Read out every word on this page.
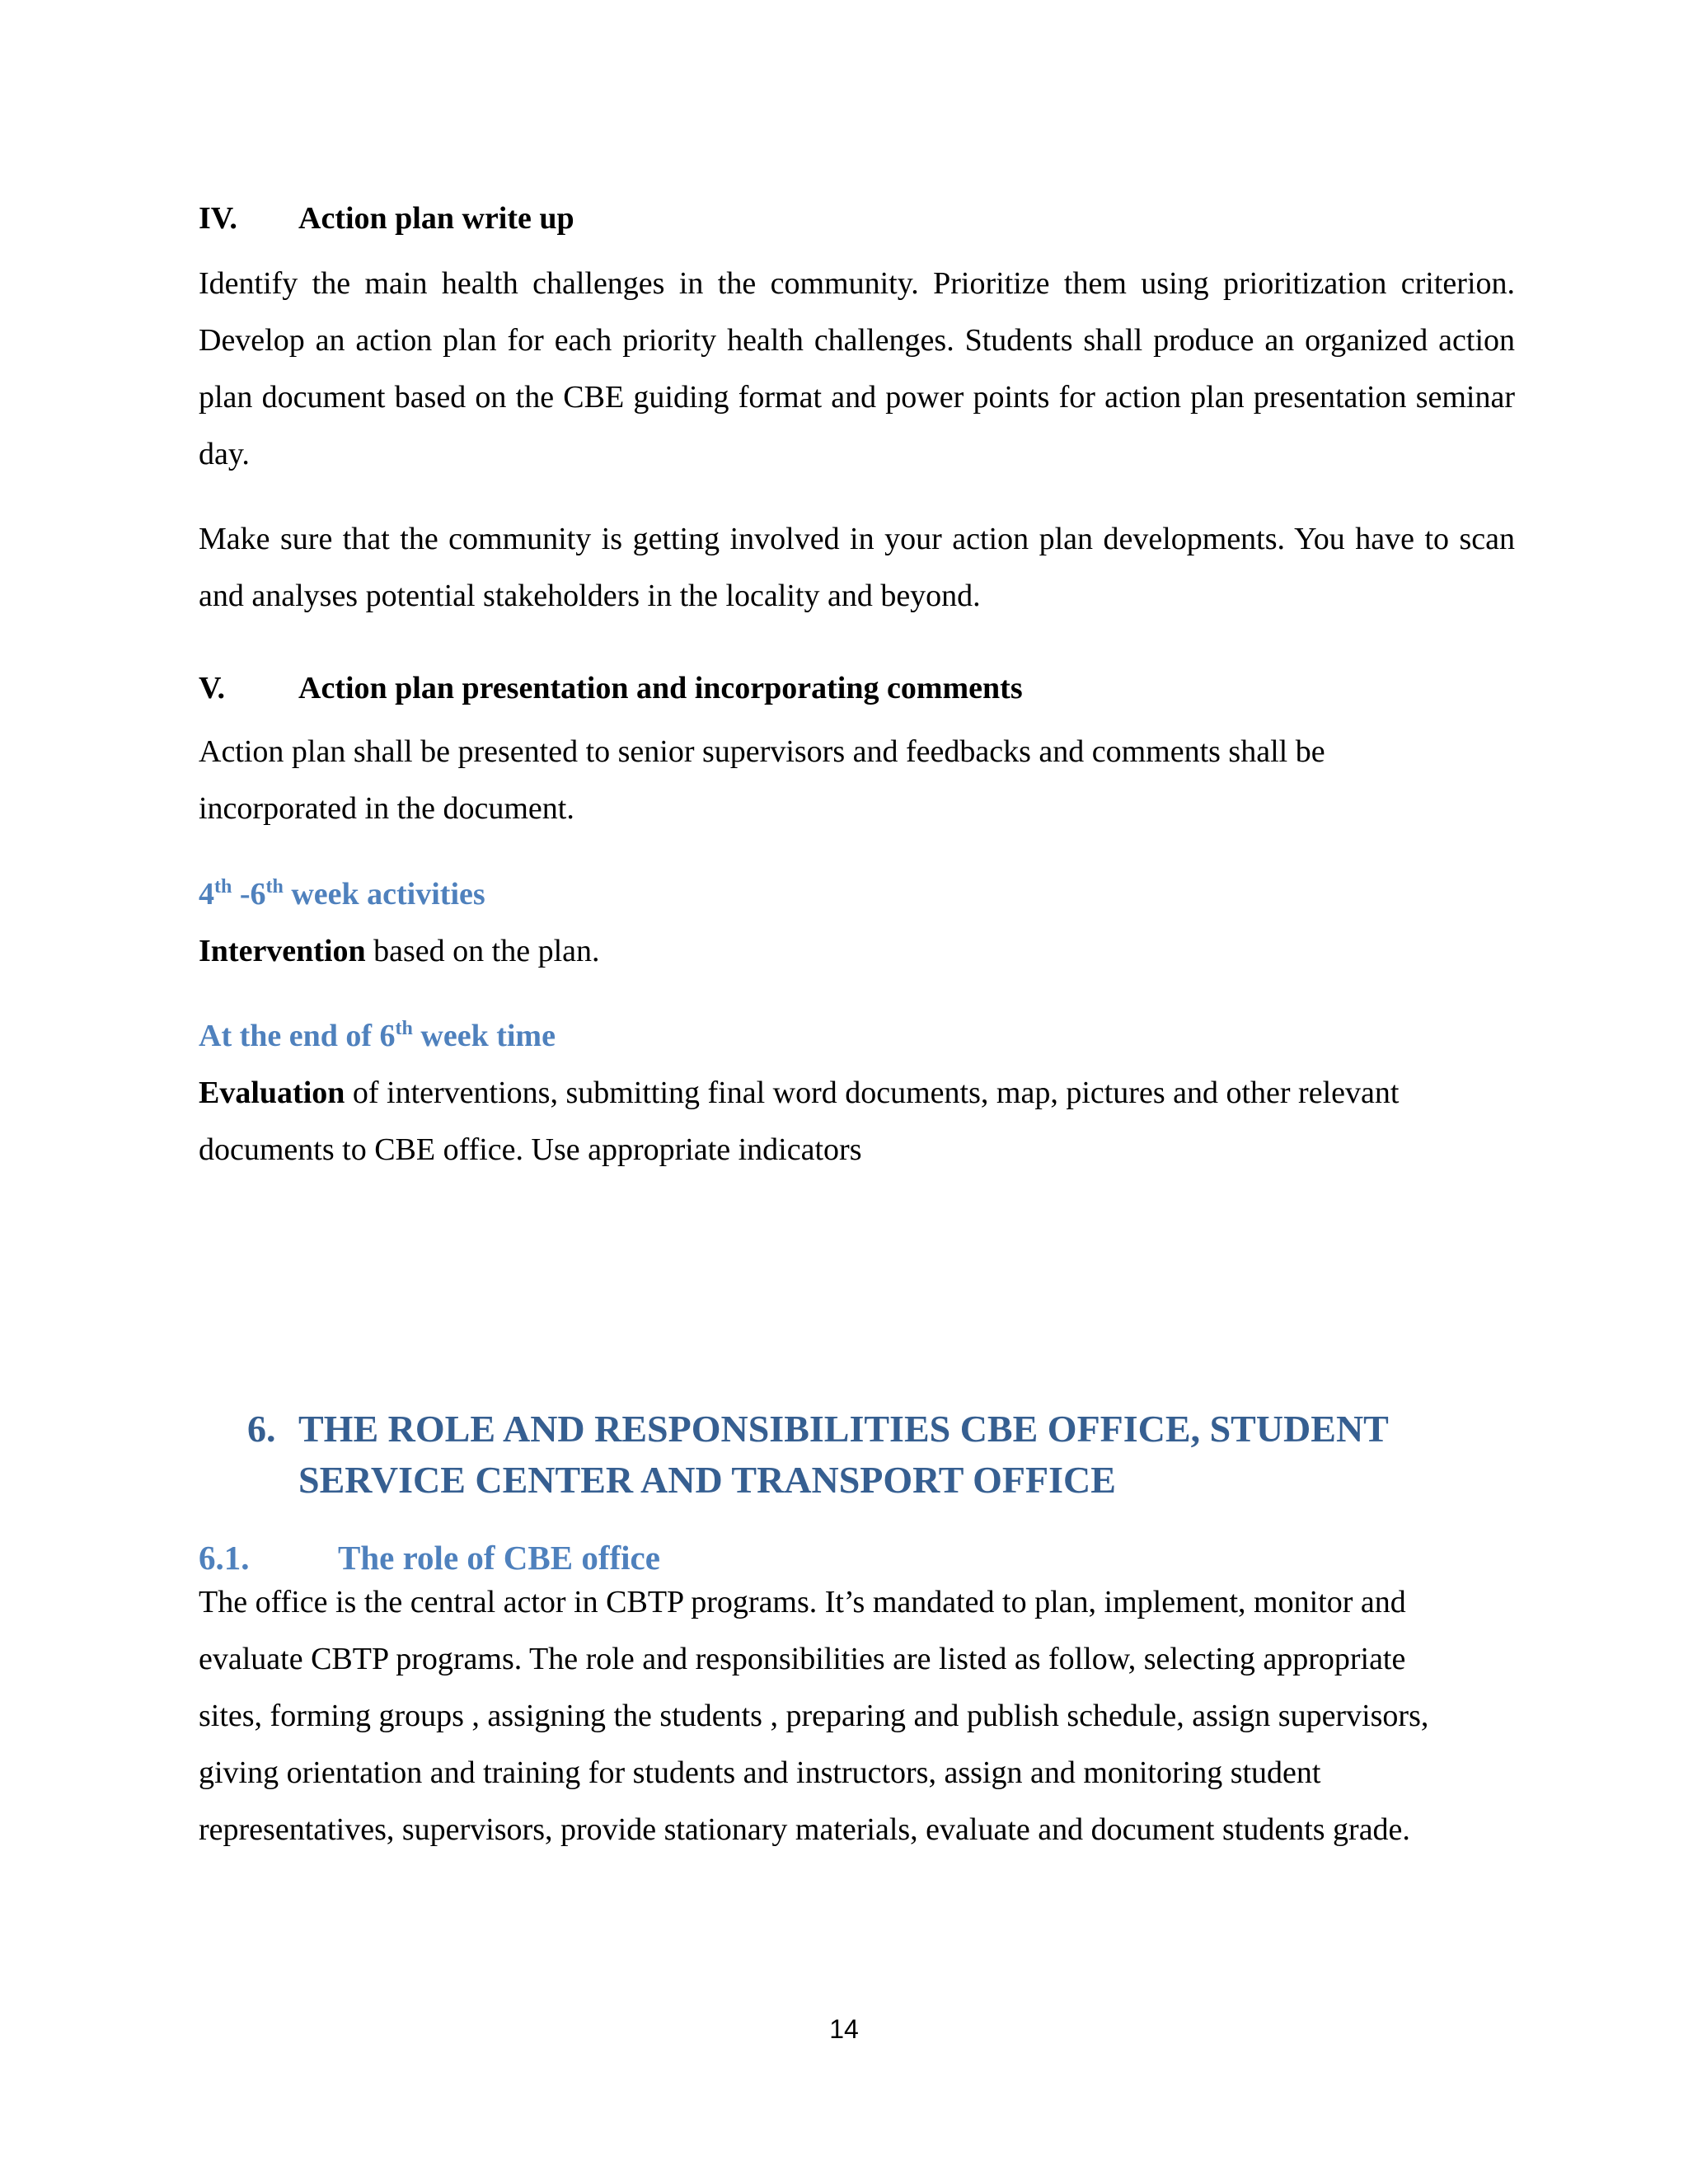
IV. Action plan write up

Identify the main health challenges in the community. Prioritize them using prioritization criterion. Develop an action plan for each priority health challenges. Students shall produce an organized action plan document based on the CBE guiding format and power points for action plan presentation seminar day.

Make sure that the community is getting involved in your action plan developments. You have to scan and analyses potential stakeholders in the locality and beyond.

V. Action plan presentation and incorporating comments
Action plan shall be presented to senior supervisors and feedbacks and comments shall be
incorporated in the document.
4th -6th week activities
Intervention based on the plan.
At the end of 6th week time
Evaluation of interventions, submitting final word documents, map, pictures and other relevant
documents to CBE office. Use appropriate indicators
6. THE ROLE AND RESPONSIBILITIES CBE OFFICE, STUDENT
SERVICE CENTER AND TRANSPORT OFFICE
6.1.	The role of CBE office
The office is the central actor in CBTP programs. It’s mandated to plan, implement, monitor and
evaluate CBTP programs. The role and responsibilities are listed as follow, selecting appropriate
sites, forming groups , assigning the students , preparing and publish schedule, assign supervisors,
giving orientation and training for students and instructors, assign and monitoring student
representatives, supervisors, provide stationary materials, evaluate and document students grade.
14
